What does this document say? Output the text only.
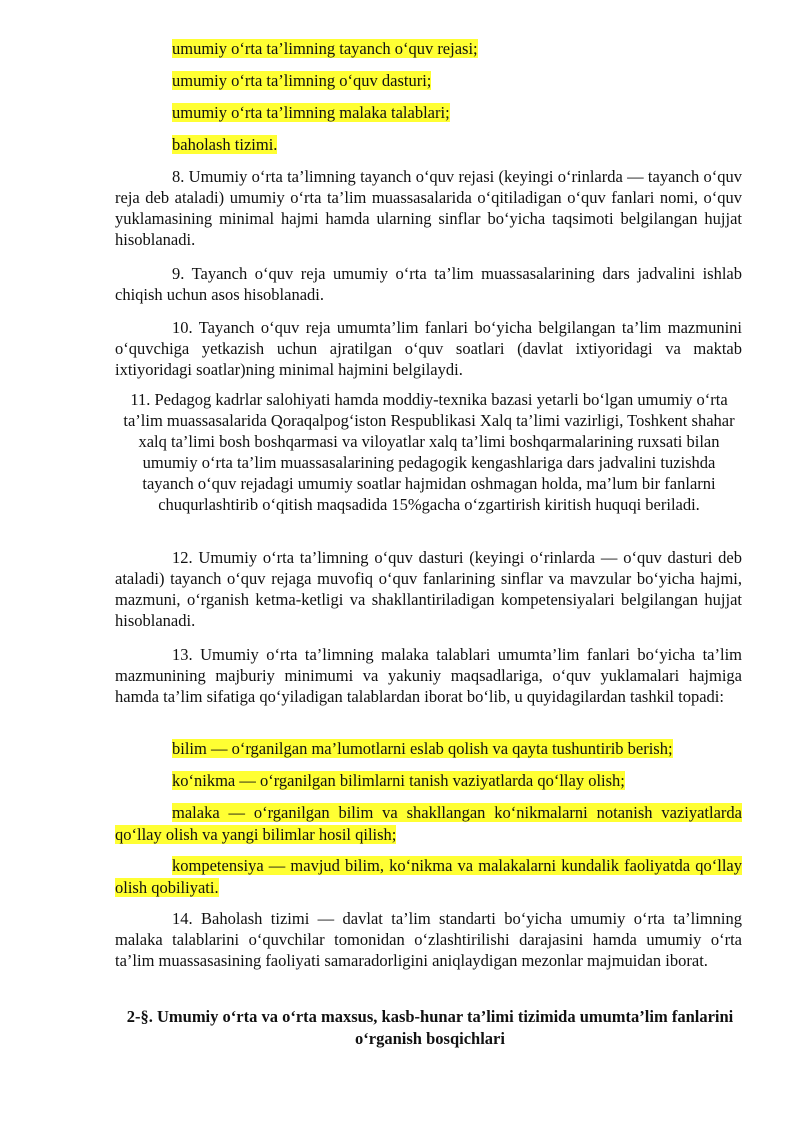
umumiy o‘rta ta’limning tayanch o‘quv rejasi;
umumiy o‘rta ta’limning o‘quv dasturi;
umumiy o‘rta ta’limning malaka talablari;
baholash tizimi.
8. Umumiy o‘rta ta’limning tayanch o‘quv rejasi (keyingi o‘rinlarda — tayanch o‘quv reja deb ataladi) umumiy o‘rta ta’lim muassasalarida o‘qitiladigan o‘quv fanlari nomi, o‘quv yuklamasining minimal hajmi hamda ularning sinflar bo‘yicha taqsimoti belgilangan hujjat hisoblanadi.
9. Tayanch o‘quv reja umumiy o‘rta ta’lim muassasalarining dars jadvalini ishlab chiqish uchun asos hisoblanadi.
10. Tayanch o‘quv reja umumta’lim fanlari bo‘yicha belgilangan ta’lim mazmunini o‘quvchiga yetkazish uchun ajratilgan o‘quv soatlari (davlat ixtiyoridagi va maktab ixtiyoridagi soatlar)ning minimal hajmini belgilaydi.
11. Pedagog kadrlar salohiyati hamda moddiy-texnika bazasi yetarli bo‘lgan umumiy o‘rta ta’lim muassasalarida Qoraqalpog‘iston Respublikasi Xalq ta’limi vazirligi, Toshkent shahar xalq ta’limi bosh boshqarmasi va viloyatlar xalq ta’limi boshqarmalarining ruxsati bilan umumiy o‘rta ta’lim muassasalarining pedagogik kengashlariga dars jadvalini tuzishda tayanch o‘quv rejadagi umumiy soatlar hajmidan oshmagan holda, ma’lum bir fanlarni chuqurlashtirib o‘qitish maqsadida 15%gacha o‘zgartirish kiritish huquqi beriladi.
12. Umumiy o‘rta ta’limning o‘quv dasturi (keyingi o‘rinlarda — o‘quv dasturi deb ataladi) tayanch o‘quv rejaga muvofiq o‘quv fanlarining sinflar va mavzular bo‘yicha hajmi, mazmuni, o‘rganish ketma-ketligi va shakllantiriladigan kompetensiyalari belgilangan hujjat hisoblanadi.
13. Umumiy o‘rta ta’limning malaka talablari umumta’lim fanlari bo‘yicha ta’lim mazmunining majburiy minimumi va yakuniy maqsadlariga, o‘quv yuklamalari hajmiga hamda ta’lim sifatiga qo‘yiladigan talablardan iborat bo‘lib, u quyidagilardan tashkil topadi:
bilim — o‘rganilgan ma’lumotlarni eslab qolish va qayta tushuntirib berish;
ko‘nikma — o‘rganilgan bilimlarni tanish vaziyatlarda qo‘llay olish;
malaka — o‘rganilgan bilim va shakllangan ko‘nikmalarni notanish vaziyatlarda qo‘llay olish va yangi bilimlar hosil qilish;
kompetensiya — mavjud bilim, ko‘nikma va malakalarni kundalik faoliyatda qo‘llay olish qobiliyati.
14. Baholash tizimi — davlat ta’lim standarti bo‘yicha umumiy o‘rta ta’limning malaka talablarini o‘quvchilar tomonidan o‘zlashtirilishi darajasini hamda umumiy o‘rta ta’lim muassasasining faoliyati samaradorligini aniqlaydigan mezonlar majmuidan iborat.
2-§. Umumiy o‘rta va o‘rta maxsus, kasb-hunar ta’limi tizimida umumta’lim fanlarini o‘rganish bosqichlari
